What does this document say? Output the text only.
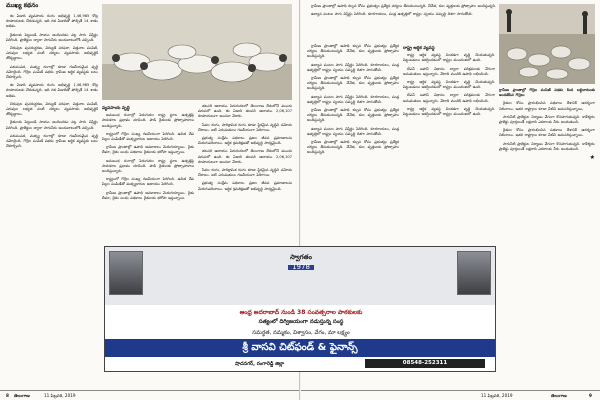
ముఖ్య కథనం

ఈ ఏడాది వ్యవసాయ రంగం అభివృద్ధి 1,46,985 కోట్ల రూపాయలకు చేరుకున్నది. ఇది గత ఏడాదితో పోల్చితే 14 శాతం అధికం.

రైతులకు పెట్టుబడి సాయం అందించడం వల్ల సాగు విస్తీర్ణం పెరిగింది. ప్రాజెక్టుల ద్వారా సాగునీరు అందుబాటులోకి వచ్చింది.

చెరువుల పునరుద్ధరణ, విద్యుత్ సరఫరా, విత్తనాల పంపిణీ, ఎరువుల లభ్యత వంటి చర్యలు వ్యవసాయ అభివృద్ధికి తోడ్పడ్డాయి.

పశుసంపద, మత్స్య రంగాల్లో కూడా గణనీయమైన వృద్ధి నమోదైంది. గొర్రెల పంపిణీ పథకం గ్రామీణ ఆర్థిక వ్యవస్థకు బలం చేకూర్చింది.

ఈ ఏడాది వ్యవసాయ రంగం అభివృద్ధి 1,46,985 కోట్ల రూపాయలకు చేరుకున్నది. ఇది గత ఏడాదితో పోల్చితే 14 శాతం అధికం.

చెరువుల పునరుద్ధరణ, విద్యుత్ సరఫరా, విత్తనాల పంపిణీ, ఎరువుల లభ్యత వంటి చర్యలు వ్యవసాయ అభివృద్ధికి తోడ్పడ్డాయి.

రైతులకు పెట్టుబడి సాయం అందించడం వల్ల సాగు విస్తీర్ణం పెరిగింది. ప్రాజెక్టుల ద్వారా సాగునీరు అందుబాటులోకి వచ్చింది.

పశుసంపద, మత్స్య రంగాల్లో కూడా గణనీయమైన వృద్ధి నమోదైంది. గొర్రెల పంపిణీ పథకం గ్రామీణ ఆర్థిక వ్యవస్థకు బలం చేకూర్చింది.

వ్యవసాయ వృద్ధి

అనుబంధ రంగాల్లో పెరుగుదల రాష్ట్ర స్థూల ఉత్పత్తిపై సానుకూల ప్రభావం చూపింది. పాడి రైతులకు ప్రోత్సాహకాలు అందిస్తున్నారు.

రాష్ట్రంలో గొర్రెల సంఖ్య గణనీయంగా పెరిగింది. ఉచిత చేప పిల్లల పంపిణీతో మత్స్యకారుల ఆదాయం పెరిగింది.

గ్రామీణ ప్రాంతాల్లో ఉపాధి అవకాశాలు మెరుగయ్యాయి. రైతు బీమా, రైతు బంధు పథకాలు రైతులకు భరోసా ఇస్తున్నాయి.

అనుబంధ రంగాల్లో పెరుగుదల రాష్ట్ర స్థూల ఉత్పత్తిపై సానుకూల ప్రభావం చూపింది. పాడి రైతులకు ప్రోత్సాహకాలు అందిస్తున్నారు.

రాష్ట్రంలో గొర్రెల సంఖ్య గణనీయంగా పెరిగింది. ఉచిత చేప పిల్లల పంపిణీతో మత్స్యకారుల ఆదాయం పెరిగింది.

గ్రామీణ ప్రాంతాల్లో ఉపాధి అవకాశాలు మెరుగయ్యాయి. రైతు బీమా, రైతు బంధు పథకాలు రైతులకు భరోసా ఇస్తున్నాయి.

తలసరి ఆదాయం పెరుగుదలలో తెలంగాణ దేశంలోనే ముందు వరుసలో ఉంది. ఈ ఏడాది తలసరి ఆదాయం 2,06,107 రూపాయలుగా అంచనా వేశారు.

సేవల రంగం, పారిశ్రామిక రంగం కూడా స్థిరమైన వృద్ధిని నమోదు చేశాయి. ఐటీ ఎగుమతులు గణనీయంగా పెరిగాయి.

ప్రభుత్వ సంక్షేమ పథకాలు ప్రజల జీవన ప్రమాణాలను మెరుగుపరిచాయి. ఆర్థిక క్రమశిక్షణతో అభివృద్ధి సాధ్యమైంది.

తలసరి ఆదాయం పెరుగుదలలో తెలంగాణ దేశంలోనే ముందు వరుసలో ఉంది. ఈ ఏడాది తలసరి ఆదాయం 2,06,107 రూపాయలుగా అంచనా వేశారు.

సేవల రంగం, పారిశ్రామిక రంగం కూడా స్థిరమైన వృద్ధిని నమోదు చేశాయి. ఐటీ ఎగుమతులు గణనీయంగా పెరిగాయి.

ప్రభుత్వ సంక్షేమ పథకాలు ప్రజల జీవన ప్రమాణాలను మెరుగుపరిచాయి. ఆర్థిక క్రమశిక్షణతో అభివృద్ధి సాధ్యమైంది.

8 తెలంగాణ	11 ఫిబ్రవరి, 2019

గ్రామీణ ప్రాంతాల్లో ఉపాధి కల్పన కోసం ప్రభుత్వం ప్రత్యేక చర్యలు తీసుకుంటున్నది. చేనేత, కుల వృత్తులకు ప్రోత్సాహం అందిస్తున్నది.

ఉద్యాన పంటల సాగు విస్తీర్ణం పెరిగింది. కూరగాయలు, పండ్ల ఉత్పత్తిలో రాష్ట్రం స్వయం సమృద్ధి దిశగా సాగుతోంది.

గ్రామీణ ప్రాంతాల్లో ఉపాధి కల్పన కోసం ప్రభుత్వం ప్రత్యేక చర్యలు తీసుకుంటున్నది. చేనేత, కుల వృత్తులకు ప్రోత్సాహం అందిస్తున్నది.

ఉద్యాన పంటల సాగు విస్తీర్ణం పెరిగింది. కూరగాయలు, పండ్ల ఉత్పత్తిలో రాష్ట్రం స్వయం సమృద్ధి దిశగా సాగుతోంది.

గ్రామీణ ప్రాంతాల్లో ఉపాధి కల్పన కోసం ప్రభుత్వం ప్రత్యేక చర్యలు తీసుకుంటున్నది. చేనేత, కుల వృత్తులకు ప్రోత్సాహం అందిస్తున్నది.

ఉద్యాన పంటల సాగు విస్తీర్ణం పెరిగింది. కూరగాయలు, పండ్ల ఉత్పత్తిలో రాష్ట్రం స్వయం సమృద్ధి దిశగా సాగుతోంది.

గ్రామీణ ప్రాంతాల్లో ఉపాధి కల్పన కోసం ప్రభుత్వం ప్రత్యేక చర్యలు తీసుకుంటున్నది. చేనేత, కుల వృత్తులకు ప్రోత్సాహం అందిస్తున్నది.

ఉద్యాన పంటల సాగు విస్తీర్ణం పెరిగింది. కూరగాయలు, పండ్ల ఉత్పత్తిలో రాష్ట్రం స్వయం సమృద్ధి దిశగా సాగుతోంది.

గ్రామీణ ప్రాంతాల్లో ఉపాధి కల్పన కోసం ప్రభుత్వం ప్రత్యేక చర్యలు తీసుకుంటున్నది. చేనేత, కుల వృత్తులకు ప్రోత్సాహం అందిస్తున్నది.

రాష్ట్ర ఆర్థిక వ్యవస్థ

రాష్ట్ర ఆర్థిక వ్యవస్థ నిలకడగా వృద్ధి చెందుతున్నది. పెట్టుబడులు ఆకర్షించడంలో రాష్ట్రం ముందంజలో ఉంది.

టీఎస్ ఐపాస్ విధానం ద్వారా పరిశ్రమలకు వేగంగా అనుమతులు ఇస్తున్నారు. వేలాది మందికి ఉపాధి లభించింది.

రాష్ట్ర ఆర్థిక వ్యవస్థ నిలకడగా వృద్ధి చెందుతున్నది. పెట్టుబడులు ఆకర్షించడంలో రాష్ట్రం ముందంజలో ఉంది.

టీఎస్ ఐపాస్ విధానం ద్వారా పరిశ్రమలకు వేగంగా అనుమతులు ఇస్తున్నారు. వేలాది మందికి ఉపాధి లభించింది.

రాష్ట్ర ఆర్థిక వ్యవస్థ నిలకడగా వృద్ధి చెందుతున్నది. పెట్టుబడులు ఆకర్షించడంలో రాష్ట్రం ముందంజలో ఉంది.

గ్రామీణ ప్రాంతాల్లో గొర్రెల పంపిణీ పథకం కింద లబ్ధిదారులకు అందజేసిన గొర్రెలు

రైతుల కోసం ప్రారంభించిన పథకాలు దేశానికే ఆదర్శంగా నిలిచాయి. ఇతర రాష్ట్రాలు కూడా వీటిని అనుసరిస్తున్నాయి.

సాగునీటి ప్రాజెక్టుల నిర్మాణం వేగంగా కొనసాగుతున్నది. కాళేశ్వరం ప్రాజెక్టు పూర్తయితే లక్షలాది ఎకరాలకు నీరు అందుతుంది.

రైతుల కోసం ప్రారంభించిన పథకాలు దేశానికే ఆదర్శంగా నిలిచాయి. ఇతర రాష్ట్రాలు కూడా వీటిని అనుసరిస్తున్నాయి.

సాగునీటి ప్రాజెక్టుల నిర్మాణం వేగంగా కొనసాగుతున్నది. కాళేశ్వరం ప్రాజెక్టు పూర్తయితే లక్షలాది ఎకరాలకు నీరు అందుతుంది.

★

స్వాగతం
1978
ఆంధ్ర అదరాబాద్ నుండి 38 సంవత్సరాల పాఠకులకు
సత్యంలో దిగ్విజయంగా నడుస్తున్న సంస్థ
సమర్థత, నమ్మకం, విశ్వాసం, వేగం, మా లక్ష్యం
శ్రీ వాసవి చిట్‌ఫండ్ & ఫైనాన్స్
షాదనగర్, రంగారెడ్డి జిల్లా	08548-252311
11 ఫిబ్రవరి, 2019	తెలంగాణ	9
